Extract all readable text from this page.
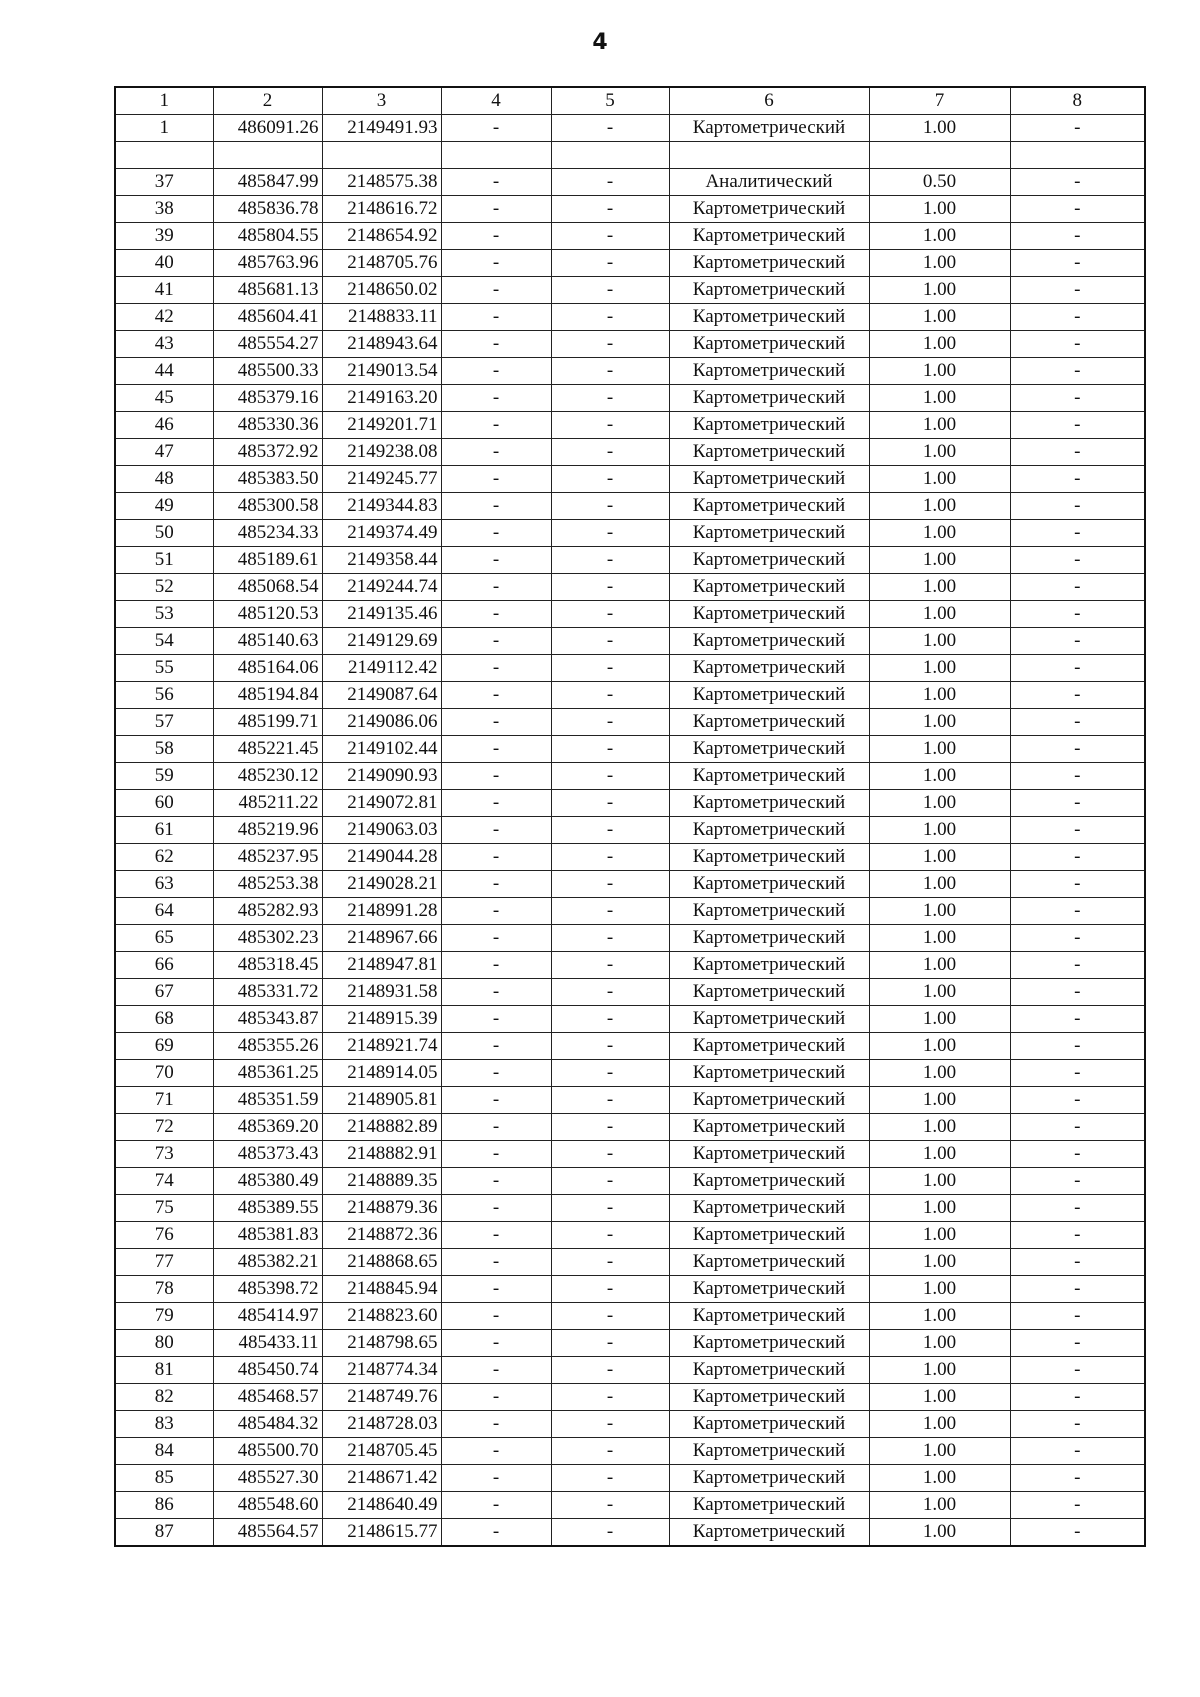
4
1	2	3	4	5	6	7	8
1	486091.26	2149491.93	-	-	Картометрический	1.00	-

37	485847.99	2148575.38	-	-	Аналитический	0.50	-
38	485836.78	2148616.72	-	-	Картометрический	1.00	-
39	485804.55	2148654.92	-	-	Картометрический	1.00	-
40	485763.96	2148705.76	-	-	Картометрический	1.00	-
41	485681.13	2148650.02	-	-	Картометрический	1.00	-
42	485604.41	2148833.11	-	-	Картометрический	1.00	-
43	485554.27	2148943.64	-	-	Картометрический	1.00	-
44	485500.33	2149013.54	-	-	Картометрический	1.00	-
45	485379.16	2149163.20	-	-	Картометрический	1.00	-
46	485330.36	2149201.71	-	-	Картометрический	1.00	-
47	485372.92	2149238.08	-	-	Картометрический	1.00	-
48	485383.50	2149245.77	-	-	Картометрический	1.00	-
49	485300.58	2149344.83	-	-	Картометрический	1.00	-
50	485234.33	2149374.49	-	-	Картометрический	1.00	-
51	485189.61	2149358.44	-	-	Картометрический	1.00	-
52	485068.54	2149244.74	-	-	Картометрический	1.00	-
53	485120.53	2149135.46	-	-	Картометрический	1.00	-
54	485140.63	2149129.69	-	-	Картометрический	1.00	-
55	485164.06	2149112.42	-	-	Картометрический	1.00	-
56	485194.84	2149087.64	-	-	Картометрический	1.00	-
57	485199.71	2149086.06	-	-	Картометрический	1.00	-
58	485221.45	2149102.44	-	-	Картометрический	1.00	-
59	485230.12	2149090.93	-	-	Картометрический	1.00	-
60	485211.22	2149072.81	-	-	Картометрический	1.00	-
61	485219.96	2149063.03	-	-	Картометрический	1.00	-
62	485237.95	2149044.28	-	-	Картометрический	1.00	-
63	485253.38	2149028.21	-	-	Картометрический	1.00	-
64	485282.93	2148991.28	-	-	Картометрический	1.00	-
65	485302.23	2148967.66	-	-	Картометрический	1.00	-
66	485318.45	2148947.81	-	-	Картометрический	1.00	-
67	485331.72	2148931.58	-	-	Картометрический	1.00	-
68	485343.87	2148915.39	-	-	Картометрический	1.00	-
69	485355.26	2148921.74	-	-	Картометрический	1.00	-
70	485361.25	2148914.05	-	-	Картометрический	1.00	-
71	485351.59	2148905.81	-	-	Картометрический	1.00	-
72	485369.20	2148882.89	-	-	Картометрический	1.00	-
73	485373.43	2148882.91	-	-	Картометрический	1.00	-
74	485380.49	2148889.35	-	-	Картометрический	1.00	-
75	485389.55	2148879.36	-	-	Картометрический	1.00	-
76	485381.83	2148872.36	-	-	Картометрический	1.00	-
77	485382.21	2148868.65	-	-	Картометрический	1.00	-
78	485398.72	2148845.94	-	-	Картометрический	1.00	-
79	485414.97	2148823.60	-	-	Картометрический	1.00	-
80	485433.11	2148798.65	-	-	Картометрический	1.00	-
81	485450.74	2148774.34	-	-	Картометрический	1.00	-
82	485468.57	2148749.76	-	-	Картометрический	1.00	-
83	485484.32	2148728.03	-	-	Картометрический	1.00	-
84	485500.70	2148705.45	-	-	Картометрический	1.00	-
85	485527.30	2148671.42	-	-	Картометрический	1.00	-
86	485548.60	2148640.49	-	-	Картометрический	1.00	-
87	485564.57	2148615.77	-	-	Картометрический	1.00	-
